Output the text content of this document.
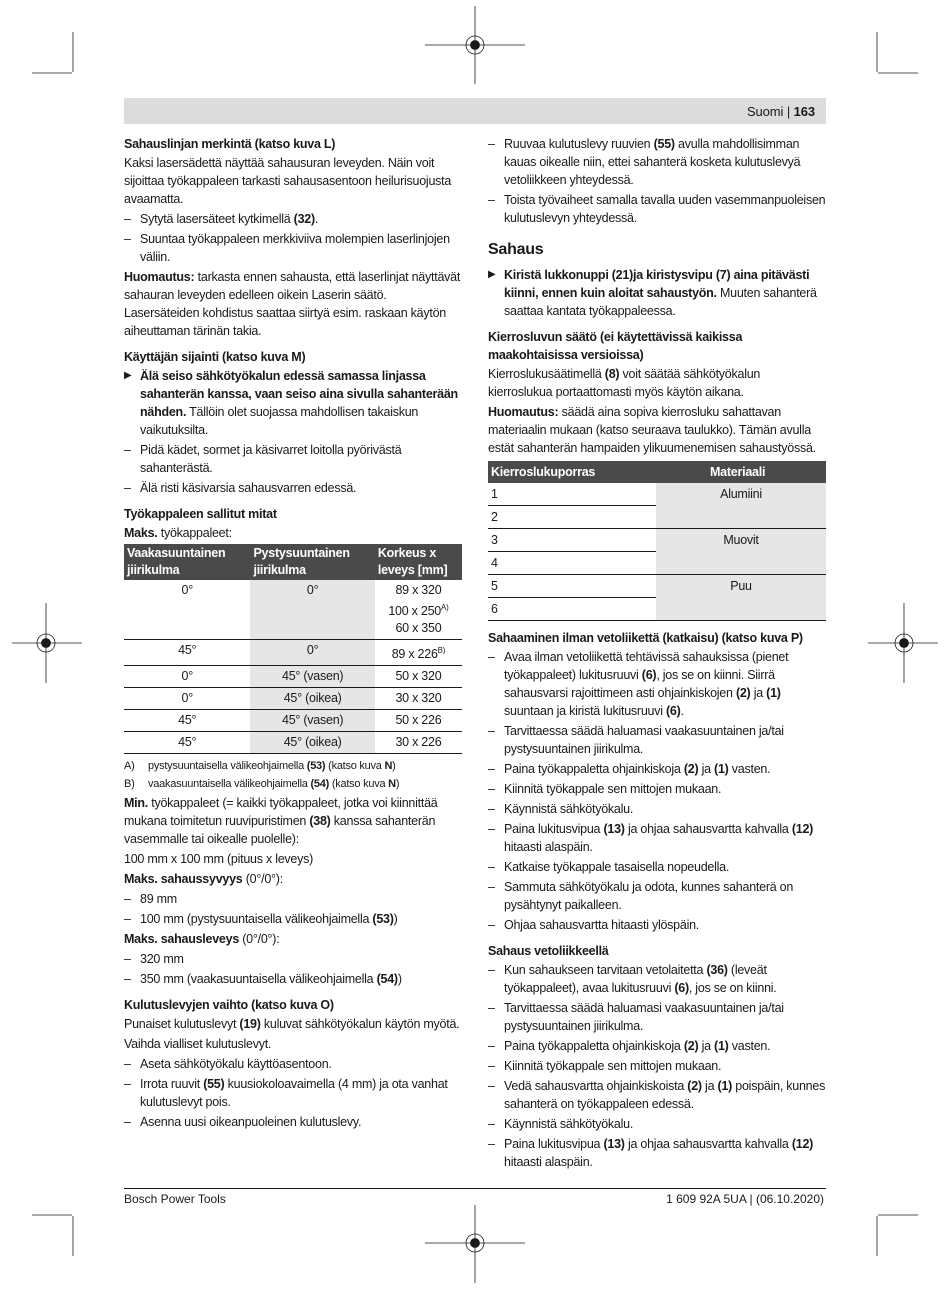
Suomi | 163
Sahauslinjan merkintä (katso kuva L)

Kaksi lasersädettä näyttää sahausuran leveyden. Näin voit sijoittaa työkappaleen tarkasti sahausasentoon heilurisuojusta avaamatta.

– Sytytä lasersäteet kytkimellä (32).
– Suuntaa työkappaleen merkkiviiva molempien laserlinjojen väliin.

Huomautus: tarkasta ennen sahausta, että laserlinjat näyttävät sahauran leveyden edelleen oikein Laserin säätö. Lasersäteiden kohdistus saattaa siirtyä esim. raskaan käytön aiheuttaman tärinän takia.

Käyttäjän sijainti (katso kuva M)
▶ Älä seiso sähkötyökalun edessä samassa linjassa sahanterän kanssa, vaan seiso aina sivulla sahanterään nähden. Tällöin olet suojassa mahdollisen takaiskun vaikutuksilta.
– Pidä kädet, sormet ja käsivarret loitolla pyörivästä sahanterästä.
– Älä risti käsivarsia sahausvarren edessä.
Työkappaleen sallitut mitat

Maks. työkappaleet:

Vaakasuuntainen jiirikulma	Pystysuuntainen jiirikulma	Korkeus x leveys [mm]
0°	0°	89 x 320
100 x $250^{A)}$
60 x 350

45°	0°	89 x $226^{B)}$
0°	45° (vasen)	50 x 320
0°	45° (oikea)	30 x 320
45°	45° (vasen)	50 x 226
45°	45° (oikea)	30 x 226
A) pystysuuntaisella välikeohjaimella (53) (katso kuva N)
B) vaakasuuntaisella välikeohjaimella (54) (katso kuva N)

Min. työkappaleet (= kaikki työkappaleet, jotka voi kiinnittää mukana toimitetun ruuvipuristimen (38) kanssa sahanterän vasemmalle tai oikealle puolelle):

100 mm x 100 mm (pituus x leveys)

Maks. sahaussyvyys (0°/0°):

– 89 mm
– 100 mm (pystysuuntaisella välikeohjaimella (53))

Maks. sahausleveys (0°/0°):

– 320 mm
– 350 mm (vaakasuuntaisella välikeohjaimella (54))
Kulutuslevyjen vaihto (katso kuva O)

Punaiset kulutuslevyt (19) kuluvat sähkötyökalun käytön myötä.

Vaihda vialliset kulutuslevyt.

– Aseta sähkötyökalu käyttöasentoon.
– Irrota ruuvit (55) kuusiokoloavaimella (4 mm) ja ota vanhat kulutuslevyt pois.
– Asenna uusi oikeanpuoleinen kulutuslevy.
– Ruuvaa kulutuslevy ruuvien (55) avulla mahdollisimman kauas oikealle niin, ettei sahanterä kosketa kulutuslevyä vetoliikkeen yhteydessä.
– Toista työvaiheet samalla tavalla uuden vasemmanpuoleisen kulutuslevyn yhteydessä.
Sahaus
▶ Kiristä lukkonuppi (21)ja kiristysvipu (7) aina pitävästi kiinni, ennen kuin aloitat sahaustyön. Muuten sahanterä saattaa kantata työkappaleessa.
Kierrosluvun säätö (ei käytettävissä kaikissa maakohtaisissa versioissa)

Kierroslukusäätimellä (8) voit säätää sähkötyökalun kierroslukua portaattomasti myös käytön aikana.

Huomautus: säädä aina sopiva kierrosluku sahattavan materiaalin mukaan (katso seuraava taulukko). Tämän avulla estät sahanterän hampaiden ylikuumenemisen sahaustyössä.

Kierroslukuporras	Materiaali
1	Alumiini
2	
3	Muovit
4	
5	Puu
6	
Sahaaminen ilman vetoliikettä (katkaisu) (katso kuva P)
– Avaa ilman vetoliikettä tehtävissä sahauksissa (pienet työkappaleet) lukitusruuvi (6), jos se on kiinni. Siirrä sahausvarsi rajoittimeen asti ohjainkiskojen (2) ja (1) suuntaan ja kiristä lukitusruuvi (6).
– Tarvittaessa säädä haluamasi vaakasuuntainen ja/tai pystysuuntainen jiirikulma.
– Paina työkappaletta ohjainkiskoja (2) ja (1) vasten.
– Kiinnitä työkappale sen mittojen mukaan.
– Käynnistä sähkötyökalu.
– Paina lukitusvipua (13) ja ohjaa sahausvartta kahvalla (12) hitaasti alaspäin.
– Katkaise työkappale tasaisella nopeudella.
– Sammuta sähkötyökalu ja odota, kunnes sahanterä on pysähtynyt paikalleen.
– Ohjaa sahausvartta hitaasti ylöspäin.
Sahaus vetoliikkeellä
– Kun sahaukseen tarvitaan vetolaitetta (36) (leveät työkappaleet), avaa lukitusruuvi (6), jos se on kiinni.
– Tarvittaessa säädä haluamasi vaakasuuntainen ja/tai pystysuuntainen jiirikulma.
– Paina työkappaletta ohjainkiskoja (2) ja (1) vasten.
– Kiinnitä työkappale sen mittojen mukaan.
– Vedä sahausvartta ohjainkiskoista (2) ja (1) poispäin, kunnes sahanterä on työkappaleen edessä.
– Käynnistä sähkötyökalu.
– Paina lukitusvipua (13) ja ohjaa sahausvartta kahvalla (12) hitaasti alaspäin.
Bosch Power Tools	1 609 92A 5UA | (06.10.2020)
